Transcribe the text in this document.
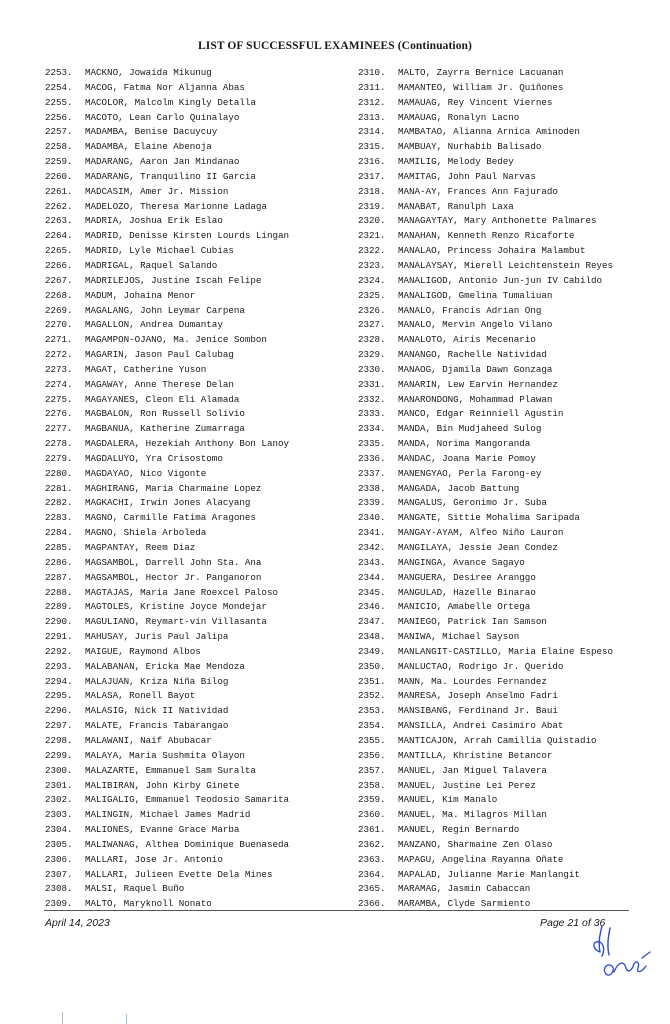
LIST OF SUCCESSFUL EXAMINEES (Continuation)
2253.	MACKNO, Jowaida Mikunug
2254.	MACOG, Fatma Nor Aljanna Abas
2255.	MACOLOR, Malcolm Kingly Detalla
2256.	MACOTO, Lean Carlo Quinalayo
2257.	MADAMBA, Benise Dacuycuy
2258.	MADAMBA, Elaine Abenoja
2259.	MADARANG, Aaron Jan Mindanao
2260.	MADARANG, Tranquilino II Garcia
2261.	MADCASIM, Amer Jr. Mission
2262.	MADELOZO, Theresa Marionne Ladaga
2263.	MADRIA, Joshua Erik Eslao
2264.	MADRID, Denisse Kirsten Lourds Lingan
2265.	MADRID, Lyle Michael Cubias
2266.	MADRIGAL, Raquel Salando
2267.	MADRILEJOS, Justine Iscah Felipe
2268.	MADUM, Johaina Menor
2269.	MAGALANG, John Leymar Carpena
2270.	MAGALLON, Andrea Dumantay
2271.	MAGAMPON-OJANO, Ma. Jenice Sombon
2272.	MAGARIN, Jason Paul Calubag
2273.	MAGAT, Catherine Yuson
2274.	MAGAWAY, Anne Therese Delan
2275.	MAGAYANES, Cleon Eli Alamada
2276.	MAGBALON, Ron Russell Solivio
2277.	MAGBANUA, Katherine Zumarraga
2278.	MAGDALERA, Hezekiah Anthony Bon Lanoy
2279.	MAGDALUYO, Yra Crisostomo
2280.	MAGDAYAO, Nico Vigonte
2281.	MAGHIRANG, Maria Charmaine Lopez
2282.	MAGKACHI, Irwin Jones Alacyang
2283.	MAGNO, Carmille Fatima Aragones
2284.	MAGNO, Shiela Arboleda
2285.	MAGPANTAY, Reem Diaz
2286.	MAGSAMBOL, Darrell John Sta. Ana
2287.	MAGSAMBOL, Hector Jr. Panganoron
2288.	MAGTAJAS, Maria Jane Roexcel Paloso
2289.	MAGTOLES, Kristine Joyce Mondejar
2290.	MAGULIANO, Reymart-vin Villasanta
2291.	MAHUSAY, Juris Paul Jalipa
2292.	MAIGUE, Raymond Albos
2293.	MALABANAN, Ericka Mae Mendoza
2294.	MALAJUAN, Kriza Niña Bilog
2295.	MALASA, Ronell Bayot
2296.	MALASIG, Nick II Natividad
2297.	MALATE, Francis Tabarangao
2298.	MALAWANI, Naif Abubacar
2299.	MALAYA, Maria Sushmita Olayon
2300.	MALAZARTE, Emmanuel Sam Suralta
2301.	MALIBIRAN, John Kirby Ginete
2302.	MALIGALIG, Emmanuel Teodosio Samarita
2303.	MALINGIN, Michael James Madrid
2304.	MALIONES, Evanne Grace Marba
2305.	MALIWANAG, Althea Dominique Buenaseda
2306.	MALLARI, Jose Jr. Antonio
2307.	MALLARI, Julieen Evette Dela Mines
2308.	MALSI, Raquel Buño
2309.	MALTO, Maryknoll Nonato
2310.	MALTO, Zayrra Bernice Lacuanan
2311.	MAMANTEO, William Jr. Quiñones
2312.	MAMAUAG, Rey Vincent Viernes
2313.	MAMAUAG, Ronalyn Lacno
2314.	MAMBATAO, Alianna Arnica Aminoden
2315.	MAMBUAY, Nurhabib Balisado
2316.	MAMILIG, Melody Bedey
2317.	MAMITAG, John Paul Narvas
2318.	MANA-AY, Frances Ann Fajurado
2319.	MANABAT, Ranulph Laxa
2320.	MANAGAYTAY, Mary Anthonette Palmares
2321.	MANAHAN, Kenneth Renzo Ricaforte
2322.	MANALAO, Princess Johaira Malambut
2323.	MANALAYSAY, Mierell Leichtenstein Reyes
2324.	MANALIGOD, Antonio Jun-jun IV Cabildo
2325.	MANALIGOD, Gmelina Tumaliuan
2326.	MANALO, Francis Adrian Ong
2327.	MANALO, Mervin Angelo Vilano
2328.	MANALOTO, Airis Mecenario
2329.	MANANGO, Rachelle Natividad
2330.	MANAOG, Djamila Dawn Gonzaga
2331.	MANARIN, Lew Earvin Hernandez
2332.	MANARONDONG, Mohammad Plawan
2333.	MANCO, Edgar Reinniell Agustin
2334.	MANDA, Bin Mudjaheed Sulog
2335.	MANDA, Norima Mangoranda
2336.	MANDAC, Joana Marie Pomoy
2337.	MANENGYAO, Perla Farong-ey
2338.	MANGADA, Jacob Battung
2339.	MANGALUS, Geronimo Jr. Suba
2340.	MANGATE, Sittie Mohalima Saripada
2341.	MANGAY-AYAM, Alfeo Niño Lauron
2342.	MANGILAYA, Jessie Jean Condez
2343.	MANGINGA, Avance Sagayo
2344.	MANGUERA, Desiree Aranggo
2345.	MANGULAD, Hazelle Binarao
2346.	MANICIO, Amabelle Ortega
2347.	MANIEGO, Patrick Ian Samson
2348.	MANIWA, Michael Sayson
2349.	MANLANGIT-CASTILLO, Maria Elaine Espeso
2350.	MANLUCTAO, Rodrigo Jr. Querido
2351.	MANN, Ma. Lourdes Fernandez
2352.	MANRESA, Joseph Anselmo Fadri
2353.	MANSIBANG, Ferdinand Jr. Baui
2354.	MANSILLA, Andrei Casimiro Abat
2355.	MANTICAJON, Arrah Camillia Quistadio
2356.	MANTILLA, Khristine Betancor
2357.	MANUEL, Jan Miguel Talavera
2358.	MANUEL, Justine Lei Perez
2359.	MANUEL, Kim Manalo
2360.	MANUEL, Ma. Milagros Millan
2361.	MANUEL, Regin Bernardo
2362.	MANZANO, Sharmaine Zen Olaso
2363.	MAPAGU, Angelina Rayanna Oñate
2364.	MAPALAD, Julianne Marie Manlangit
2365.	MARAMAG, Jasmin Cabaccan
2366.	MARAMBA, Clyde Sarmiento
April 14, 2023	Page 21 of 36
